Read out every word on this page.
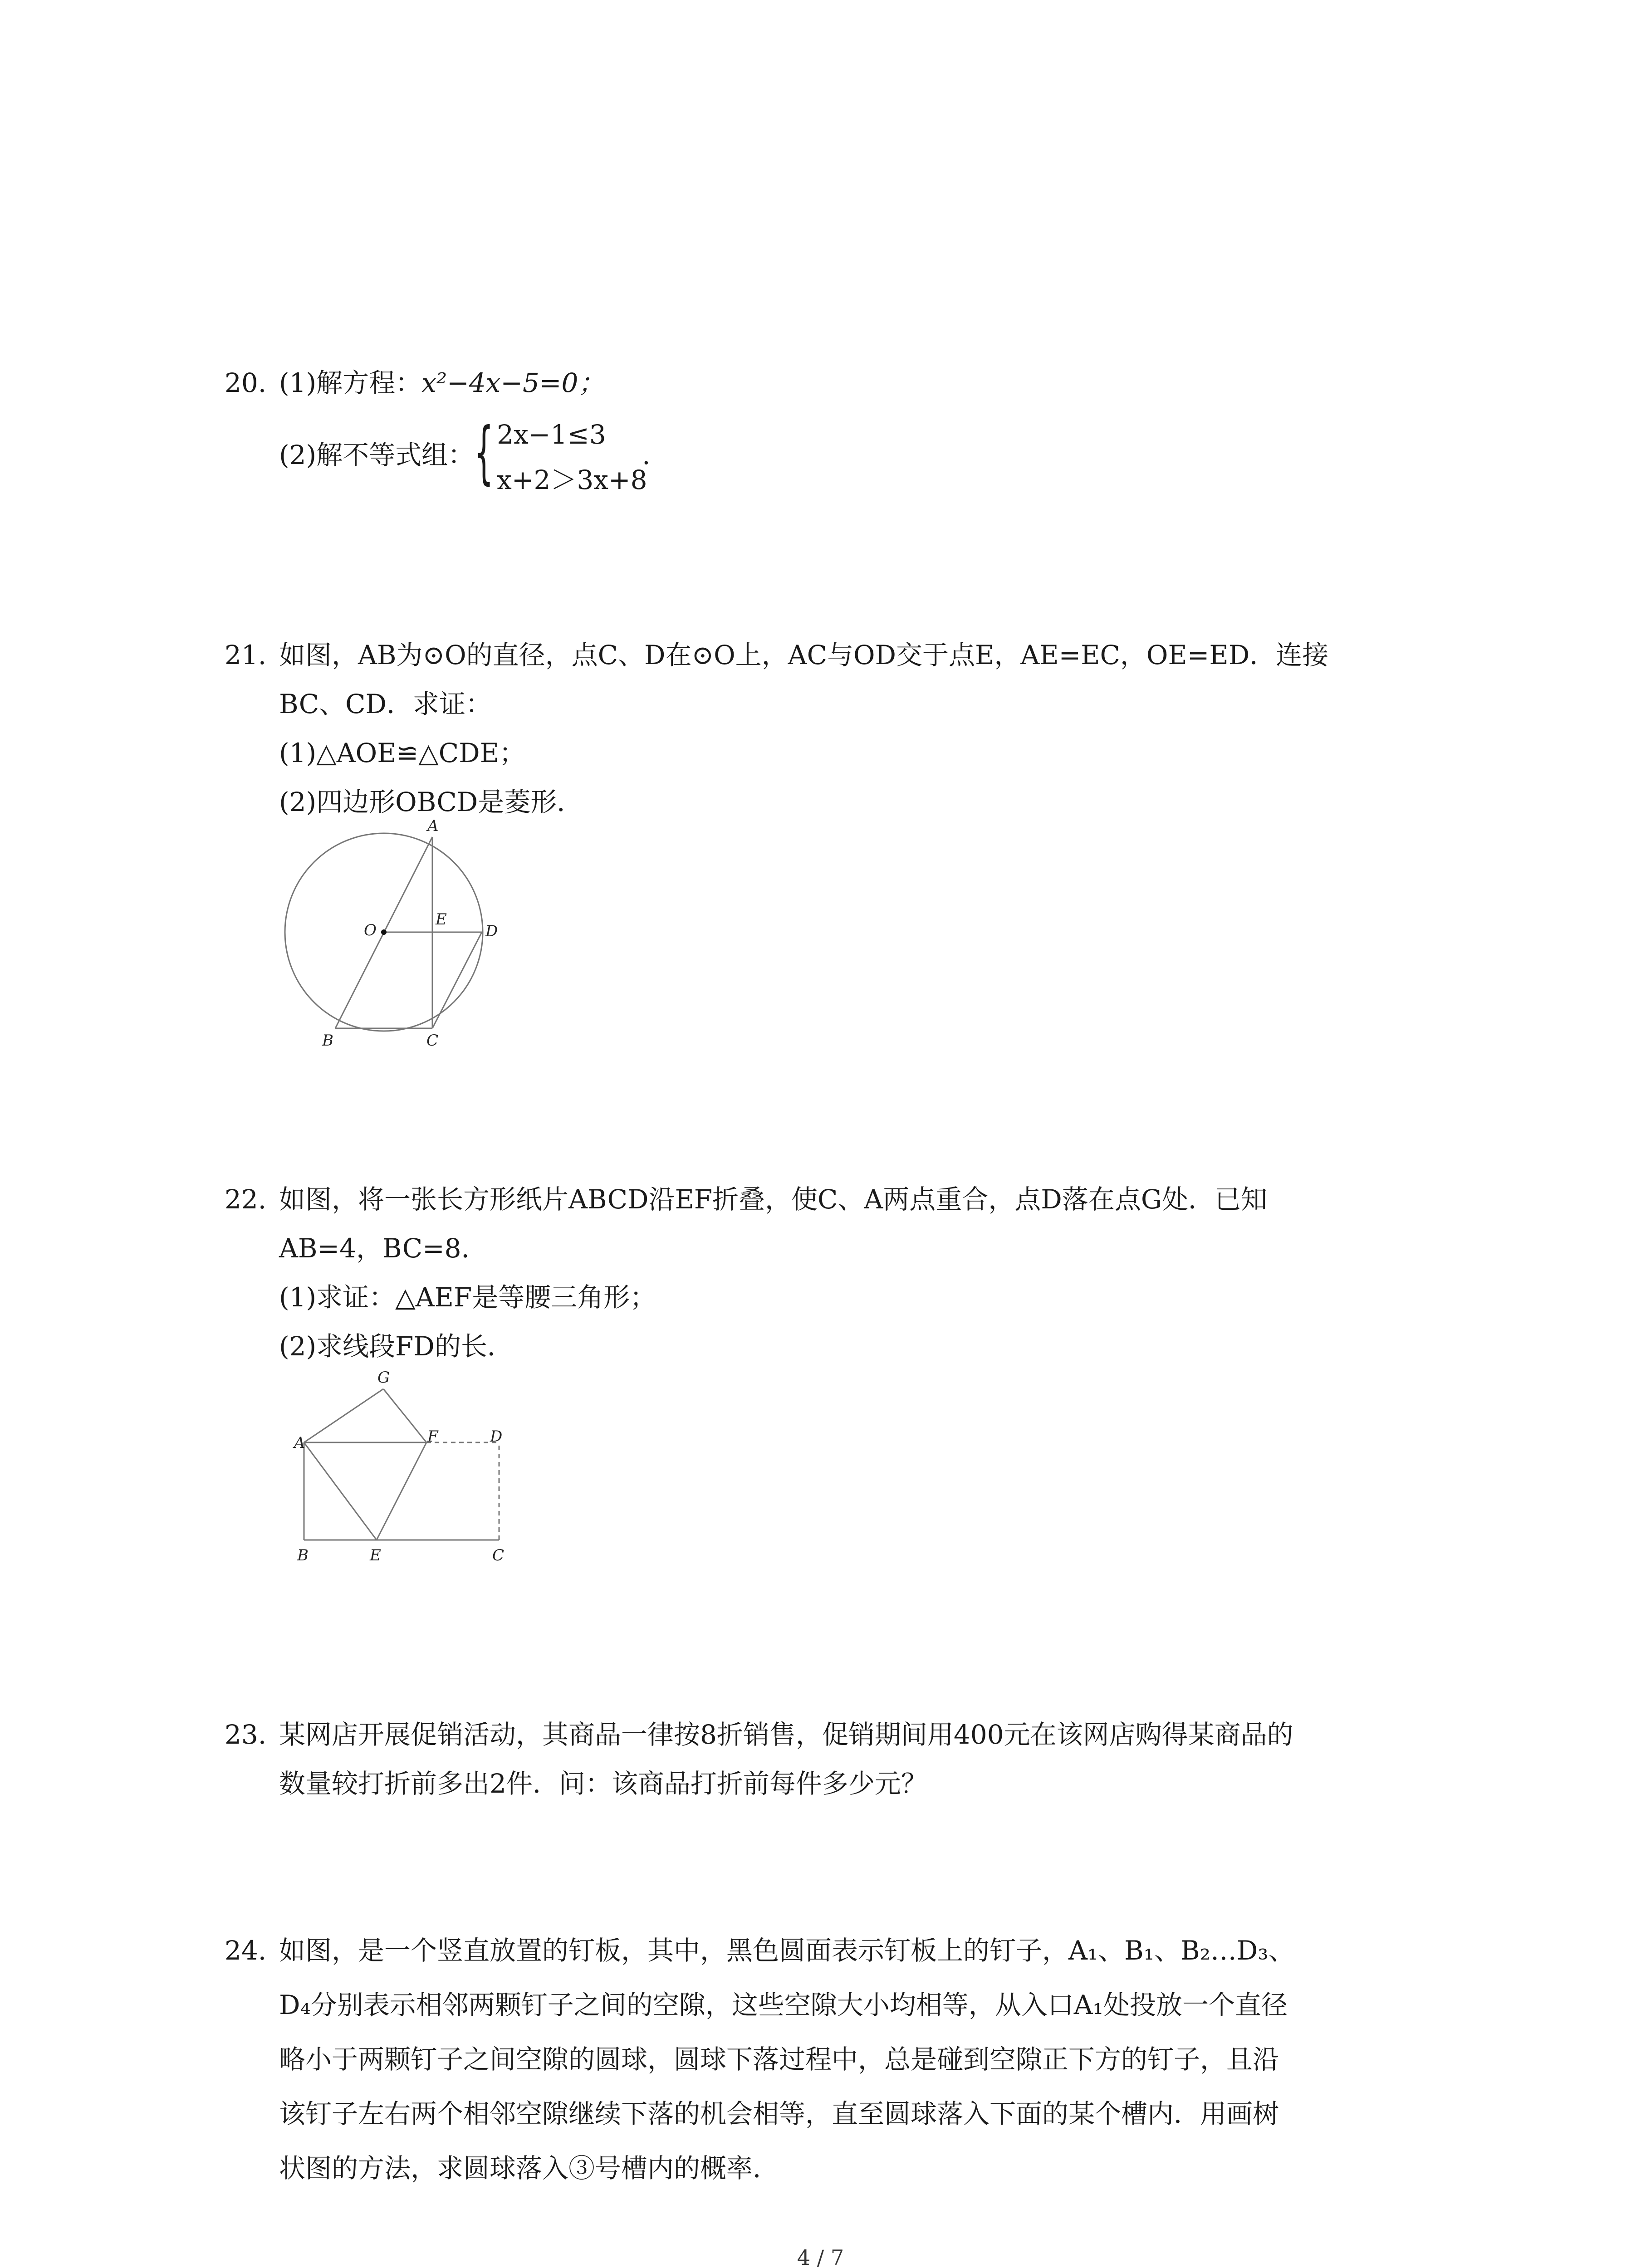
20. (1)解方程：x²−4x−5=0；

(2)解不等式组： { 2x−1≤3
x+2＞3x+8
.

21. 如图，AB为⊙O的直径，点C、D在⊙O上，AC与OD交于点E，AE=EC，OE=ED．连接

BC、CD．求证：

(1)△AOE≌△CDE；

(2)四边形OBCD是菱形．

A
O
E
D
B	C

22. 如图，将一张长方形纸片ABCD沿EF折叠，使C、A两点重合，点D落在点G处．已知

AB=4，BC=8．

(1)求证：△AEF是等腰三角形；

(2)求线段FD的长．

G
A	F	D
B	E	C

23. 某网店开展促销活动，其商品一律按8折销售，促销期间用400元在该网店购得某商品的

数量较打折前多出2件．问：该商品打折前每件多少元？

24. 如图，是一个竖直放置的钉板，其中，黑色圆面表示钉板上的钉子，A₁、B₁、B₂…D₃、

D₄分别表示相邻两颗钉子之间的空隙，这些空隙大小均相等，从入口A₁处投放一个直径

略小于两颗钉子之间空隙的圆球，圆球下落过程中，总是碰到空隙正下方的钉子，且沿

该钉子左右两个相邻空隙继续下落的机会相等，直至圆球落入下面的某个槽内．用画树

状图的方法，求圆球落入③号槽内的概率．

4 / 7
